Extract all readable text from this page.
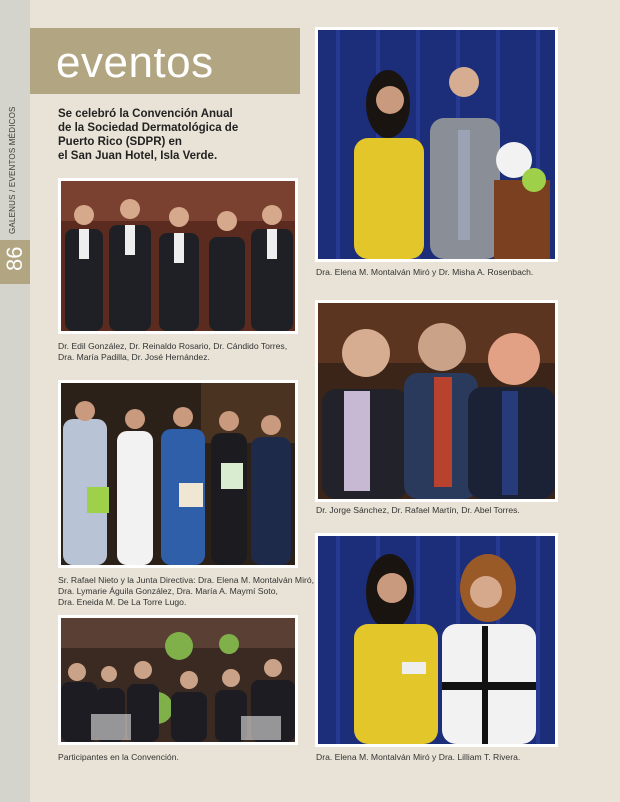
86
GALENUS / EVENTOS MÉDICOS
eventos
Se celebró la Convención Anual
de la Sociedad Dermatológica de
Puerto Rico (SDPR) en
el San Juan Hotel, Isla Verde.
Dr. Edil González, Dr. Reinaldo Rosario, Dr. Cándido Torres,
Dra. María Padilla, Dr. José Hernández.
Sr. Rafael Nieto y la Junta Directiva: Dra. Elena M. Montalván Miró,
Dra. Lymarie Águila González, Dra. María A. Maymí Soto,
Dra. Eneida M. De La Torre Lugo.
Participantes en la Convención.
Dra. Elena M. Montalván Miró y Dr. Misha A. Rosenbach.
Dr. Jorge Sánchez, Dr. Rafael Martín, Dr. Abel Torres.
Dra. Elena M. Montalván Miró y Dra. Lilliam T. Rivera.
